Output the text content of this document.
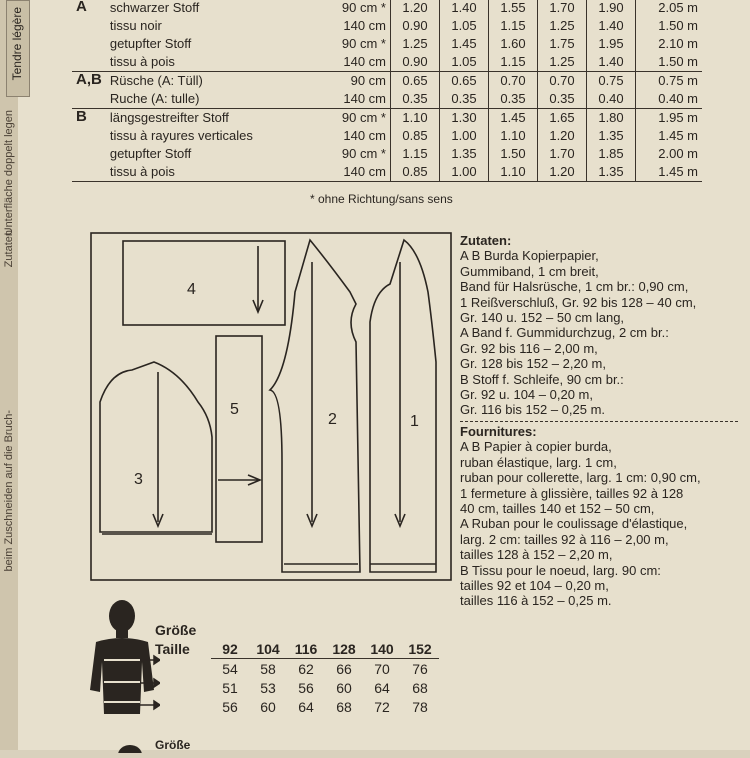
Unterfläche doppelt legen
Zutaten
beim Zuschneiden auf die Bruch-
Tendre légère
A	schwarzer Stoff	90 cm *	1.20	1.40	1.55	1.70	1.90	2.05 m
	tissu noir	140 cm	0.90	1.05	1.15	1.25	1.40	1.50 m
	getupfter Stoff	90 cm *	1.25	1.45	1.60	1.75	1.95	2.10 m
	tissu à pois	140 cm	0.90	1.05	1.15	1.25	1.40	1.50 m
A,B	Rüsche (A: Tüll)	90 cm	0.65	0.65	0.70	0.70	0.75	0.75 m
	Ruche (A: tulle)	140 cm	0.35	0.35	0.35	0.35	0.40	0.40 m
B	längsgestreifter Stoff	90 cm *	1.10	1.30	1.45	1.65	1.80	1.95 m
	tissu à rayures verticales	140 cm	0.85	1.00	1.10	1.20	1.35	1.45 m
	getupfter Stoff	90 cm *	1.15	1.35	1.50	1.70	1.85	2.00 m
	tissu à pois	140 cm	0.85	1.00	1.10	1.20	1.35	1.45 m
* ohne Richtung/sans sens
4
5
3
2	1
Zutaten:
A B Burda Kopierpapier,
Gummiband, 1 cm breit,
Band für Halsrüsche, 1 cm br.: 0,90 cm,
1 Reißverschluß, Gr. 92 bis 128 – 40 cm,
Gr. 140 u. 152 – 50 cm lang,
A Band f. Gummidurchzug, 2 cm br.:
Gr. 92 bis 116 – 2,00 m,
Gr. 128 bis 152 – 2,20 m,
B Stoff f. Schleife, 90 cm br.:
Gr. 92 u. 104 – 0,20 m,
Gr. 116 bis 152 – 0,25 m.
Fournitures:
A B Papier à copier burda,
ruban élastique, larg. 1 cm,
ruban pour collerette, larg. 1 cm: 0,90 cm,
1 fermeture à glissière, tailles 92 à 128
40 cm, tailles 140 et 152 – 50 cm,
A Ruban pour le coulissage d'élastique,
larg. 2 cm: tailles 92 à 116 – 2,00 m,
tailles 128 à 152 – 2,20 m,
B Tissu pour le noeud, larg. 90 cm:
tailles 92 et 104 – 0,20 m,
tailles 116 à 152 – 0,25 m.
Größe						
Taille	92	104	116	128	140	152
	54	58	62	66	70	76
	51	53	56	60	64	68
	56	60	64	68	72	78
Größe
